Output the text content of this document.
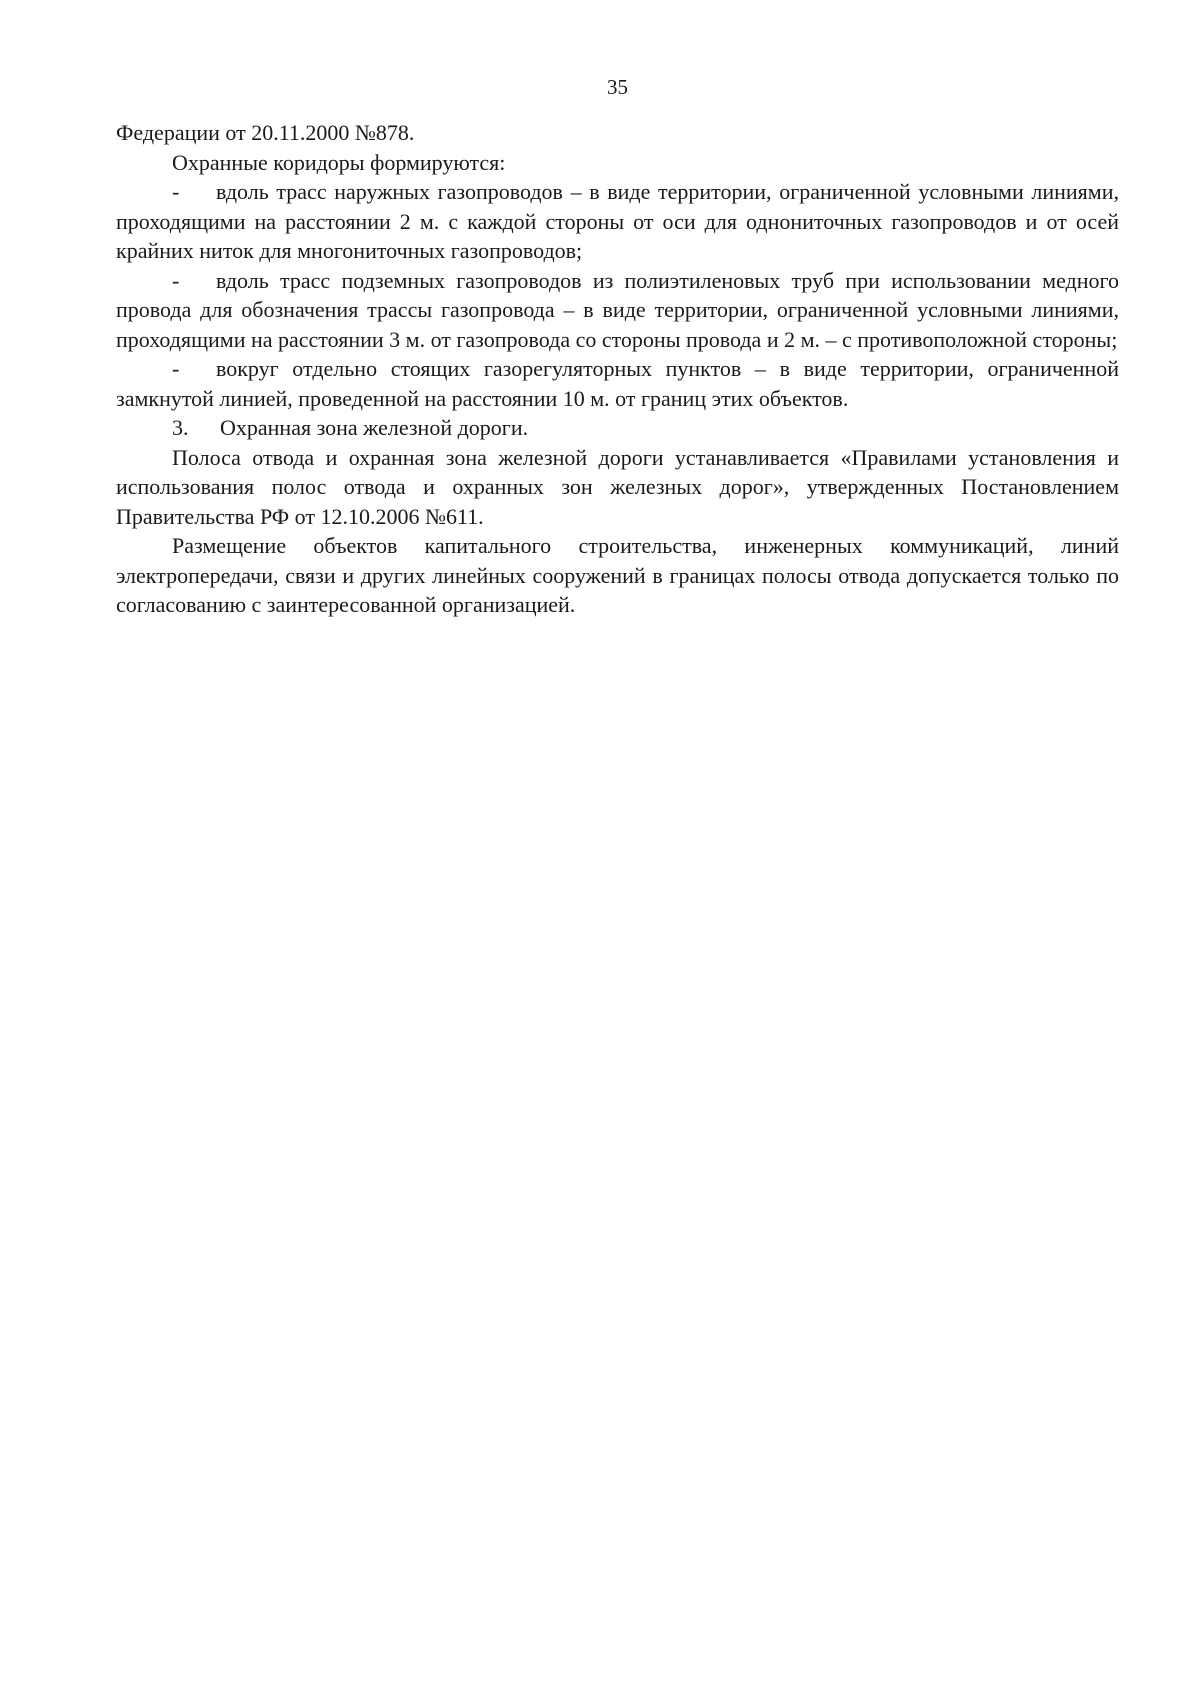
35

Федерации от 20.11.2000 №878.

Охранные коридоры формируются:

- вдоль трасс наружных газопроводов – в виде территории, ограниченной условными линиями, проходящими на расстоянии 2 м. с каждой стороны от оси для однониточных газопроводов и от осей крайних ниток для многониточных газопроводов;

- вдоль трасс подземных газопроводов из полиэтиленовых труб при использовании медного провода для обозначения трассы газопровода – в виде территории, ограниченной условными линиями, проходящими на расстоянии 3 м. от газопровода со стороны провода и 2 м. – с противоположной стороны;

- вокруг отдельно стоящих газорегуляторных пунктов – в виде территории, ограниченной замкнутой линией, проведенной на расстоянии 10 м. от границ этих объектов.

3. Охранная зона железной дороги.

Полоса отвода и охранная зона железной дороги устанавливается «Правилами установления и использования полос отвода и охранных зон железных дорог», утвержденных Постановлением Правительства РФ от 12.10.2006 №611.

Размещение объектов капитального строительства, инженерных коммуникаций, линий электропередачи, связи и других линейных сооружений в границах полосы отвода допускается только по согласованию с заинтересованной организацией.
